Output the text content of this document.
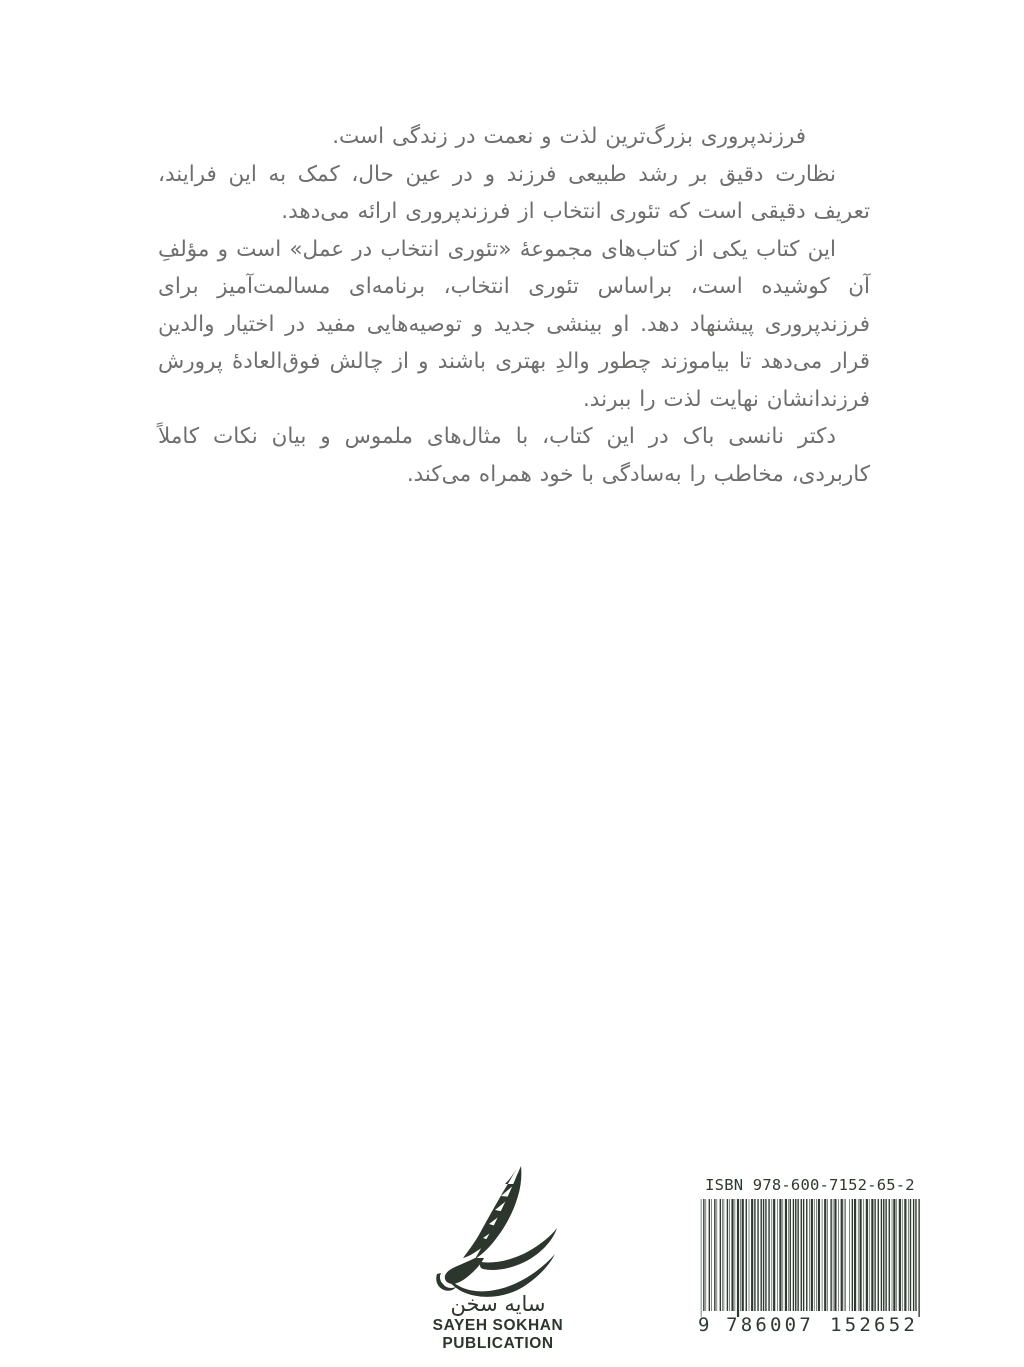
فرزندپروری بزرگ‌ترین لذت و نعمت در زندگی است.

نظارت دقیق بر رشد طبیعی فرزند و در عین حال، کمک به این فرایند، تعریف دقیقی است که تئوری انتخاب از فرزندپروری ارائه می‌دهد.

این کتاب یکی از کتاب‌های مجموعهٔ «تئوری انتخاب در عمل» است و مؤلفِ آن کوشیده است، براساس تئوری انتخاب، برنامه‌ای مسالمت‌آمیز برای فرزندپروری پیشنهاد دهد. او بینشی جدید و توصیه‌هایی مفید در اختیار والدین قرار می‌دهد تا بیاموزند چطور والدِ بهتری باشند و از چالش فوق‌العادهٔ پرورش فرزندانشان نهایت لذت را ببرند.

دکتر نانسی باک در این کتاب، با مثال‌های ملموس و بیان نکات کاملاً کاربردی، مخاطب را به‌سادگی با خود همراه می‌کند.

سایه سخن
SAYEH SOKHAN
PUBLICATION
ISBN 978-600-7152-65-2
9 786007 152652
